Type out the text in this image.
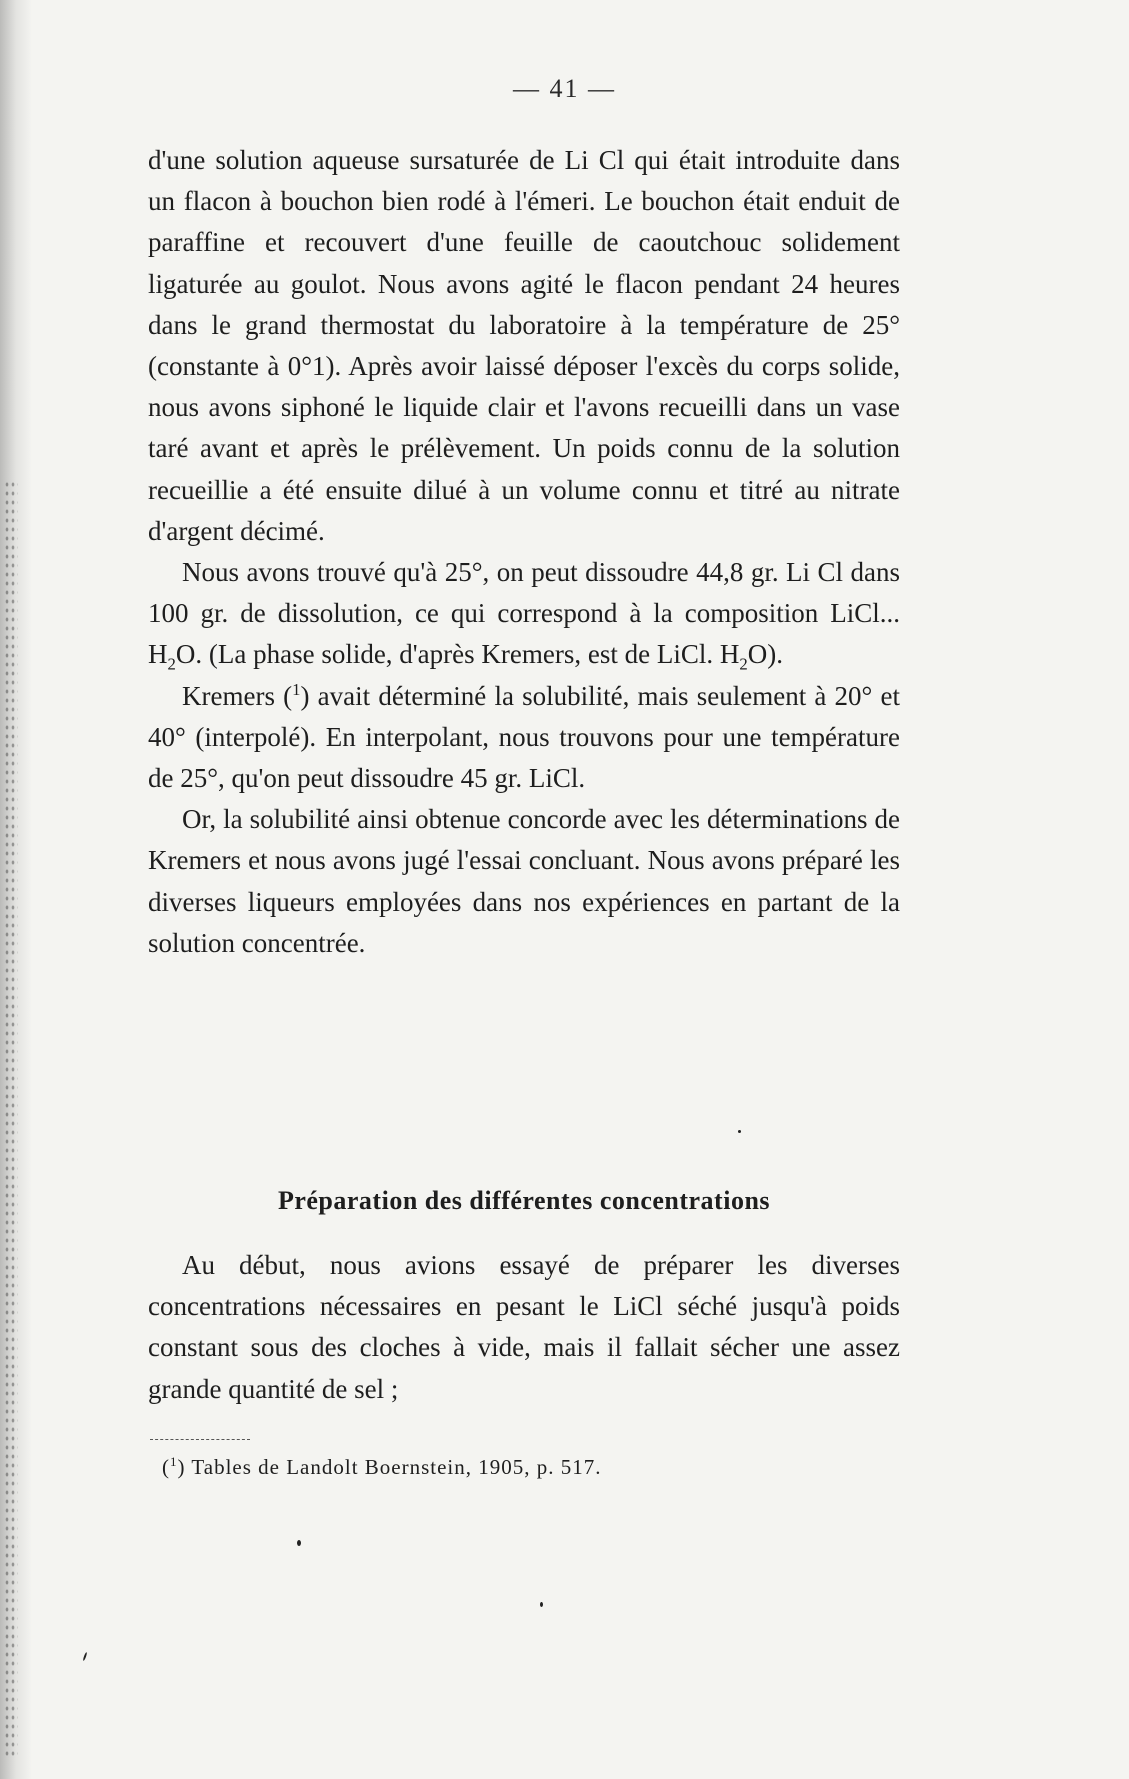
— 41 —

d'une solution aqueuse sursaturée de Li Cl qui était introduite dans un flacon à bouchon bien rodé à l'émeri. Le bouchon était enduit de paraffine et recouvert d'une feuille de caoutchouc solidement ligaturée au goulot. Nous avons agité le flacon pendant 24 heures dans le grand thermostat du laboratoire à la température de 25° (constante à 0°1). Après avoir laissé déposer l'excès du corps solide, nous avons siphoné le liquide clair et l'avons recueilli dans un vase taré avant et après le prélèvement. Un poids connu de la solution recueillie a été ensuite dilué à un volume connu et titré au nitrate d'argent décimé.

Nous avons trouvé qu'à 25°, on peut dissoudre 44,8 gr. Li Cl dans 100 gr. de dissolution, ce qui correspond à la composition LiCl... $H_2O$. (La phase solide, d'après Kremers, est de LiCl. $H_2O$).

Kremers ($^1$) avait déterminé la solubilité, mais seulement à 20° et 40° (interpolé). En interpolant, nous trouvons pour une température de 25°, qu'on peut dissoudre 45 gr. LiCl.

Or, la solubilité ainsi obtenue concorde avec les déterminations de Kremers et nous avons jugé l'essai concluant. Nous avons préparé les diverses liqueurs employées dans nos expériences en partant de la solution concentrée.

Préparation des différentes concentrations

Au début, nous avions essayé de préparer les diverses concentrations nécessaires en pesant le LiCl séché jusqu'à poids constant sous des cloches à vide, mais il fallait sécher une assez grande quantité de sel ;

($^1$) Tables de Landolt Boernstein, 1905, p. 517.
